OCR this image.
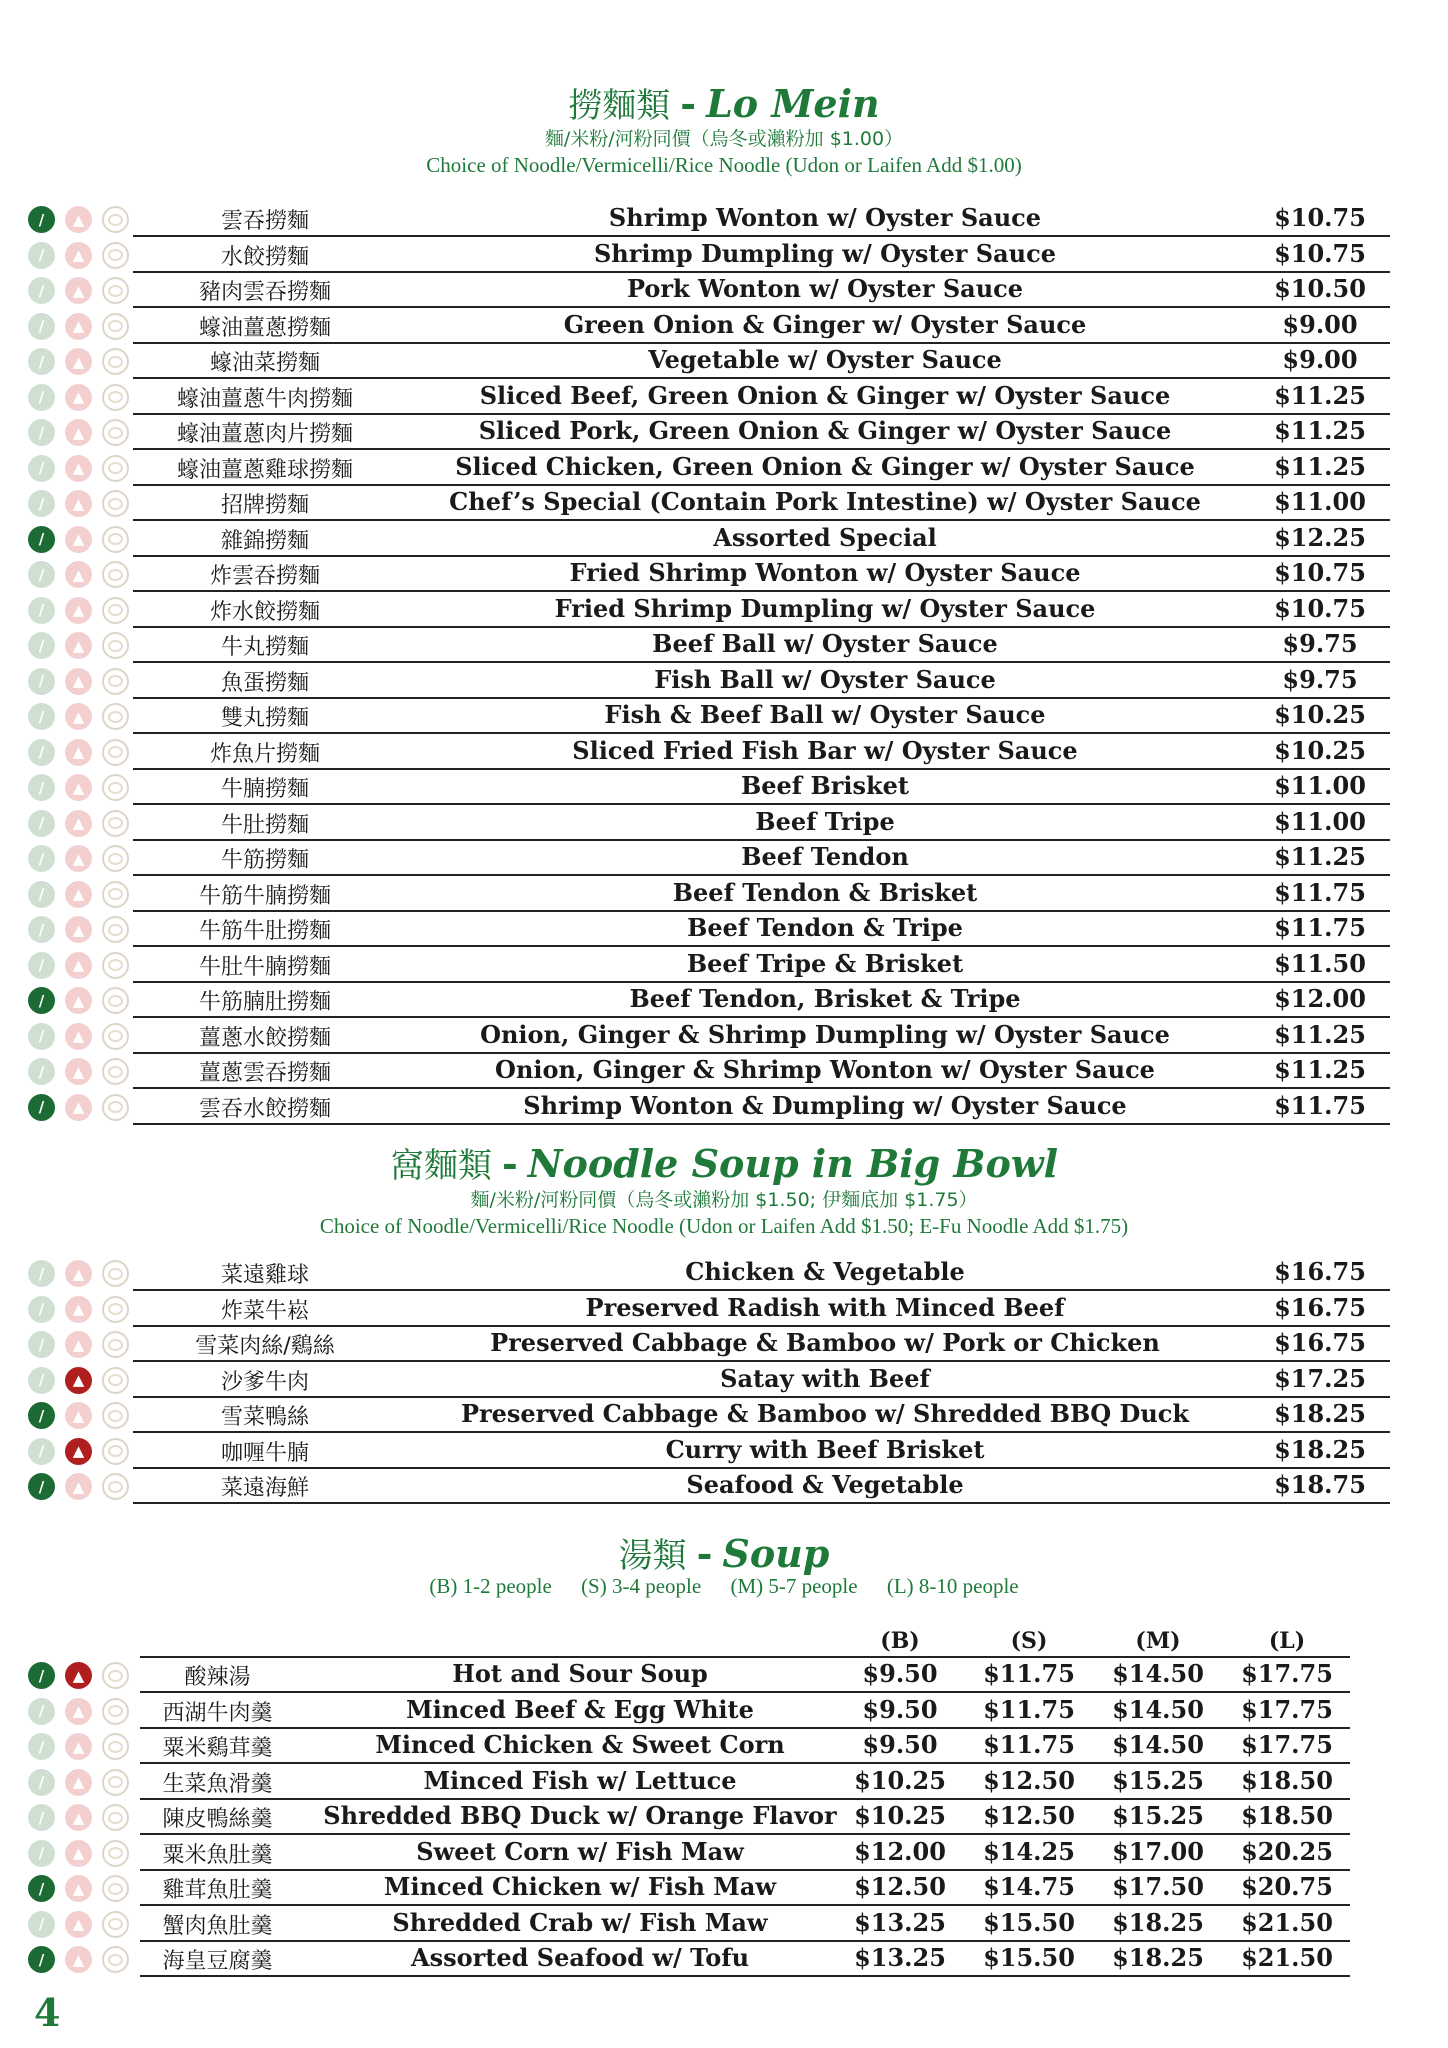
撈麵類 - Lo Mein
麵/米粉/河粉同價（烏冬或瀨粉加 $1.00）
Choice of Noodle/Vermicelli/Rice Noodle (Udon or Laifen Add $1.00)
/	▲	雲吞撈麵	Shrimp Wonton w/ Oyster Sauce	$10.75
/	▲	水餃撈麵	Shrimp Dumpling w/ Oyster Sauce	$10.75
/	▲	豬肉雲吞撈麵	Pork Wonton w/ Oyster Sauce	$10.50
/	▲	蠔油薑蔥撈麵	Green Onion & Ginger w/ Oyster Sauce	$9.00
/	▲	蠔油菜撈麵	Vegetable w/ Oyster Sauce	$9.00
/	▲	蠔油薑蔥牛肉撈麵	Sliced Beef, Green Onion & Ginger w/ Oyster Sauce	$11.25
/	▲	蠔油薑蔥肉片撈麵	Sliced Pork, Green Onion & Ginger w/ Oyster Sauce	$11.25
/	▲	蠔油薑蔥雞球撈麵	Sliced Chicken, Green Onion & Ginger w/ Oyster Sauce	$11.25
/	▲	招牌撈麵	Chef’s Special (Contain Pork Intestine) w/ Oyster Sauce	$11.00
/	▲	雜錦撈麵	Assorted Special	$12.25
/	▲	炸雲吞撈麵	Fried Shrimp Wonton w/ Oyster Sauce	$10.75
/	▲	炸水餃撈麵	Fried Shrimp Dumpling w/ Oyster Sauce	$10.75
/	▲	牛丸撈麵	Beef Ball w/ Oyster Sauce	$9.75
/	▲	魚蛋撈麵	Fish Ball w/ Oyster Sauce	$9.75
/	▲	雙丸撈麵	Fish & Beef Ball w/ Oyster Sauce	$10.25
/	▲	炸魚片撈麵	Sliced Fried Fish Bar w/ Oyster Sauce	$10.25
/	▲	牛腩撈麵	Beef Brisket	$11.00
/	▲	牛肚撈麵	Beef Tripe	$11.00
/	▲	牛筋撈麵	Beef Tendon	$11.25
/	▲	牛筋牛腩撈麵	Beef Tendon & Brisket	$11.75
/	▲	牛筋牛肚撈麵	Beef Tendon & Tripe	$11.75
/	▲	牛肚牛腩撈麵	Beef Tripe & Brisket	$11.50
/	▲	牛筋腩肚撈麵	Beef Tendon, Brisket & Tripe	$12.00
/	▲	薑蔥水餃撈麵	Onion, Ginger & Shrimp Dumpling w/ Oyster Sauce	$11.25
/	▲	薑蔥雲吞撈麵	Onion, Ginger & Shrimp Wonton w/ Oyster Sauce	$11.25
/	▲	雲吞水餃撈麵	Shrimp Wonton & Dumpling w/ Oyster Sauce	$11.75
窩麵類 - Noodle Soup in Big Bowl
麵/米粉/河粉同價（烏冬或瀨粉加 $1.50; 伊麵底加 $1.75）
Choice of Noodle/Vermicelli/Rice Noodle (Udon or Laifen Add $1.50; E-Fu Noodle Add $1.75)
/	▲	菜遠雞球	Chicken & Vegetable	$16.75
/	▲	炸菜牛崧	Preserved Radish with Minced Beef	$16.75
/	▲	雪菜肉絲/鷄絲	Preserved Cabbage & Bamboo w/ Pork or Chicken	$16.75
/	▲	沙爹牛肉	Satay with Beef	$17.25
/	▲	雪菜鴨絲	Preserved Cabbage & Bamboo w/ Shredded BBQ Duck	$18.25
/	▲	咖喱牛腩	Curry with Beef Brisket	$18.25
/	▲	菜遠海鮮	Seafood & Vegetable	$18.75
湯類 - Soup
(B) 1-2 people (S) 3-4 people (M) 5-7 people (L) 8-10 people
(B)	(S)	(M)	(L)
/	▲	酸辣湯	Hot and Sour Soup	$9.50	$11.75	$14.50	$17.75
/	▲	西湖牛肉羹	Minced Beef & Egg White	$9.50	$11.75	$14.50	$17.75
/	▲	粟米鷄茸羹	Minced Chicken & Sweet Corn	$9.50	$11.75	$14.50	$17.75
/	▲	生菜魚滑羹	Minced Fish w/ Lettuce	$10.25	$12.50	$15.25	$18.50
/	▲	陳皮鴨絲羹	Shredded BBQ Duck w/ Orange Flavor $10.25	$12.50	$15.25	$18.50
/	▲	粟米魚肚羹	Sweet Corn w/ Fish Maw	$12.00	$14.25	$17.00	$20.25
/	▲	雞茸魚肚羹	Minced Chicken w/ Fish Maw	$12.50	$14.75	$17.50	$20.75
/	▲	蟹肉魚肚羹	Shredded Crab w/ Fish Maw	$13.25	$15.50	$18.25	$21.50
/	▲	海皇豆腐羹	Assorted Seafood w/ Tofu	$13.25	$15.50	$18.25	$21.50
4
